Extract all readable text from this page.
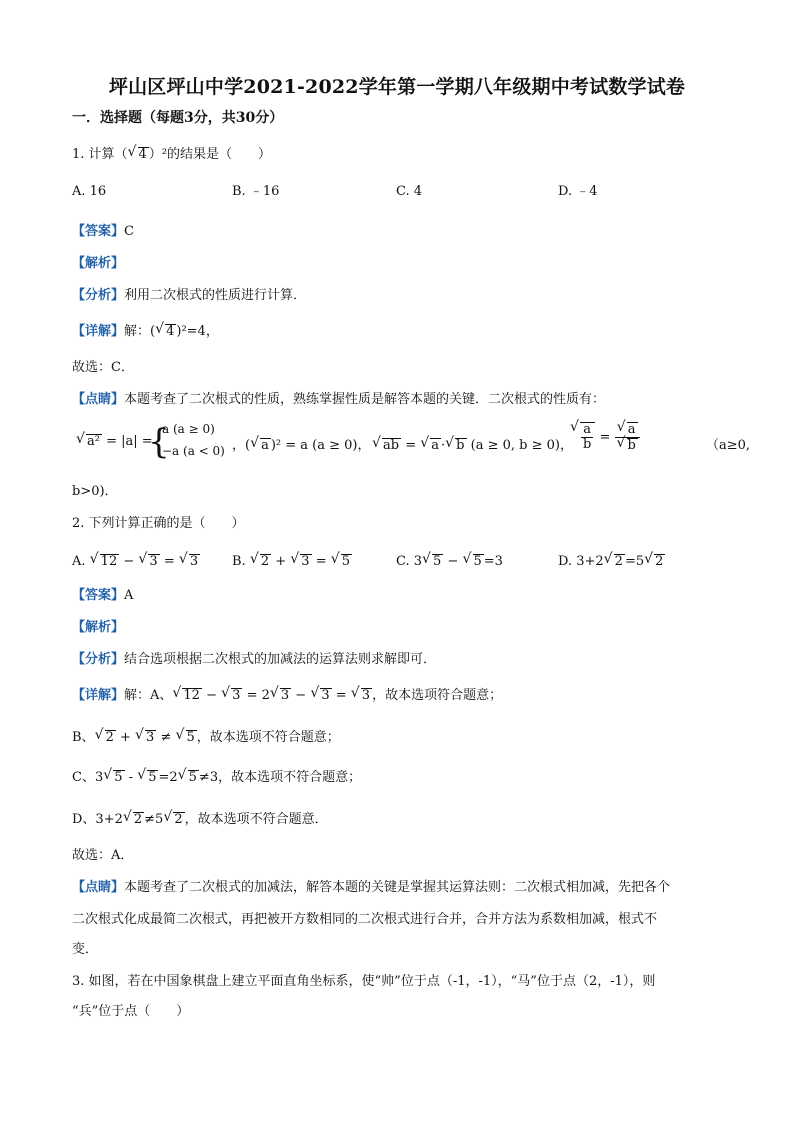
坪山区坪山中学2021-2022学年第一学期八年级期中考试数学试卷
一．选择题（每题3分，共30分）
1. 计算（ √ 4 ）²的结果是（　　）
A. 16	B. ﹣16	C. 4	D. ﹣4
【答案】C
【解析】
【分析】利用二次根式的性质进行计算．
【详解】解：( √ 4 )²=4，
故选：C．
【点睛】本题考查了二次根式的性质，熟练掌握性质是解答本题的关键．二次根式的性质有：
√ a² = |a| =
{
a (a ≥ 0)
−a (a < 0) ，( √ a )² = a (a ≥ 0)， √ ab = √ a · √ b (a ≥ 0, b ≥ 0)， √ $\frac{a}{b}$ = √ a
√ b	（a≥0,
b>0)．
2. 下列计算正确的是（　　）
A. √ 12 − √ 3 = √ 3	B. √ 2 + √ 3 = √ 5	C. 3 √ 5 − √ 5 =3	D. 3+2 √ 2 =5 √ 2
【答案】A
【解析】
【分析】结合选项根据二次根式的加减法的运算法则求解即可．
【详解】解：A、 √ 12 − √ 3 = 2 √ 3 − √ 3 = √ 3 ，故本选项符合题意；
B、 √ 2 + √ 3 ≠ √ 5 ，故本选项不符合题意；
C、3 √ 5 - √ 5 =2 √ 5 ≠3，故本选项不符合题意；
D、3+2 √ 2 ≠5 √ 2 ，故本选项不符合题意．
故选：A．
【点睛】本题考查了二次根式的加减法，解答本题的关键是掌握其运算法则：二次根式相加减，先把各个
二次根式化成最简二次根式，再把被开方数相同的二次根式进行合并，合并方法为系数相加减，根式不
变．
3. 如图，若在中国象棋盘上建立平面直角坐标系，使“帅”位于点（-1，-1），“马”位于点（2，-1），则
“兵”位于点（　　）
